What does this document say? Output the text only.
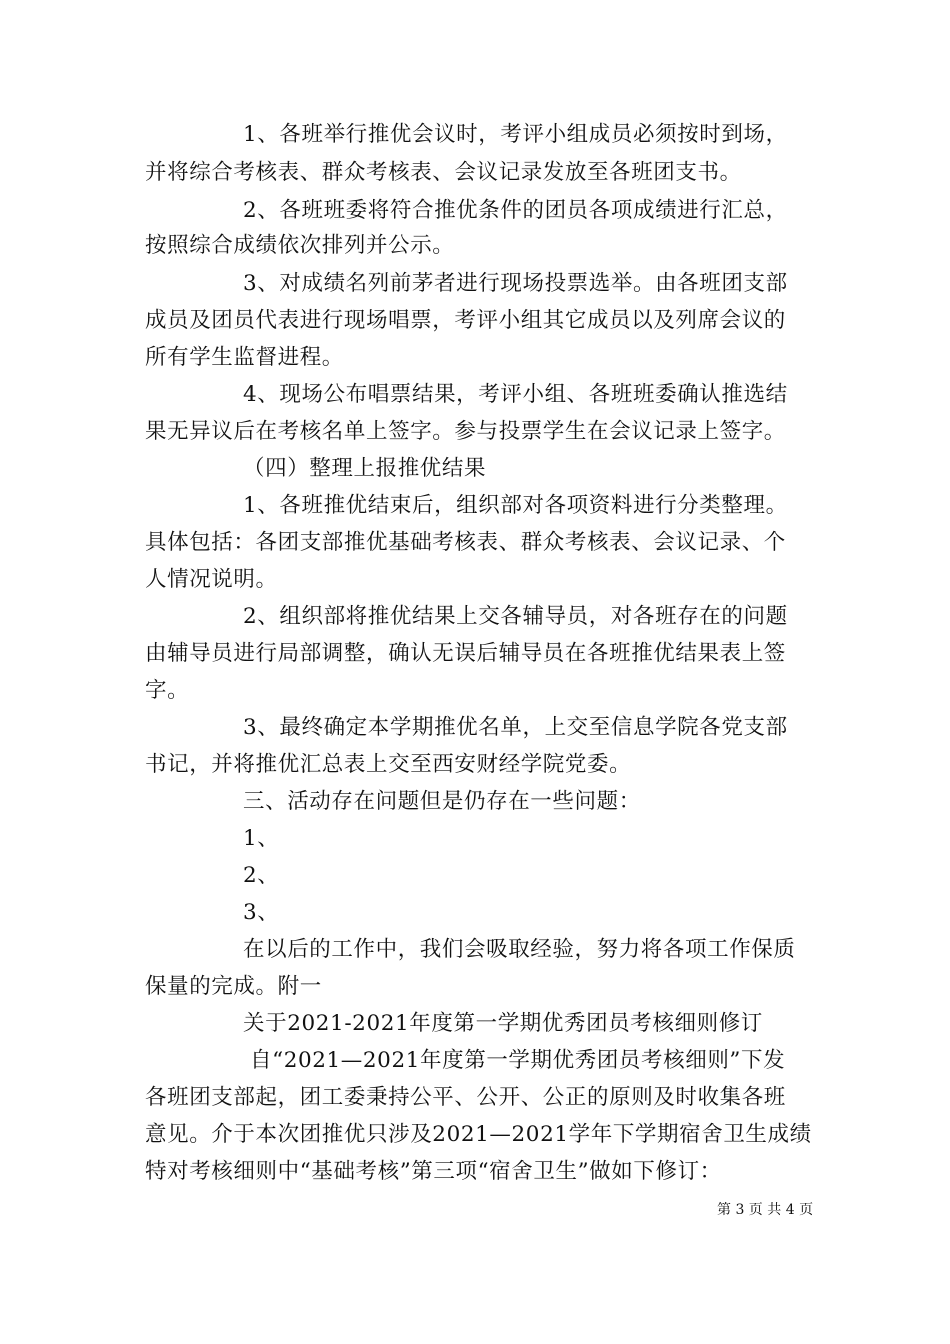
1、各班举行推优会议时，考评小组成员必须按时到场，
并将综合考核表、群众考核表、会议记录发放至各班团支书。
2、各班班委将符合推优条件的团员各项成绩进行汇总，
按照综合成绩依次排列并公示。
3、对成绩名列前茅者进行现场投票选举。由各班团支部
成员及团员代表进行现场唱票，考评小组其它成员以及列席会议的
所有学生监督进程。
4、现场公布唱票结果，考评小组、各班班委确认推选结
果无异议后在考核名单上签字。参与投票学生在会议记录上签字。
（四）整理上报推优结果
1、各班推优结束后，组织部对各项资料进行分类整理。
具体包括：各团支部推优基础考核表、群众考核表、会议记录、个
人情况说明。
2、组织部将推优结果上交各辅导员，对各班存在的问题
由辅导员进行局部调整，确认无误后辅导员在各班推优结果表上签
字。
3、最终确定本学期推优名单，上交至信息学院各党支部
书记，并将推优汇总表上交至西安财经学院党委。
三、活动存在问题但是仍存在一些问题：
1、
2、
3、
在以后的工作中，我们会吸取经验，努力将各项工作保质
保量的完成。附一
关于2021-2021年度第一学期优秀团员考核细则修订
自“2021—2021年度第一学期优秀团员考核细则”下发
各班团支部起，团工委秉持公平、公开、公正的原则及时收集各班
意见。介于本次团推优只涉及2021—2021学年下学期宿舍卫生成绩
特对考核细则中“基础考核”第三项“宿舍卫生”做如下修订：
第 3 页 共 4 页
